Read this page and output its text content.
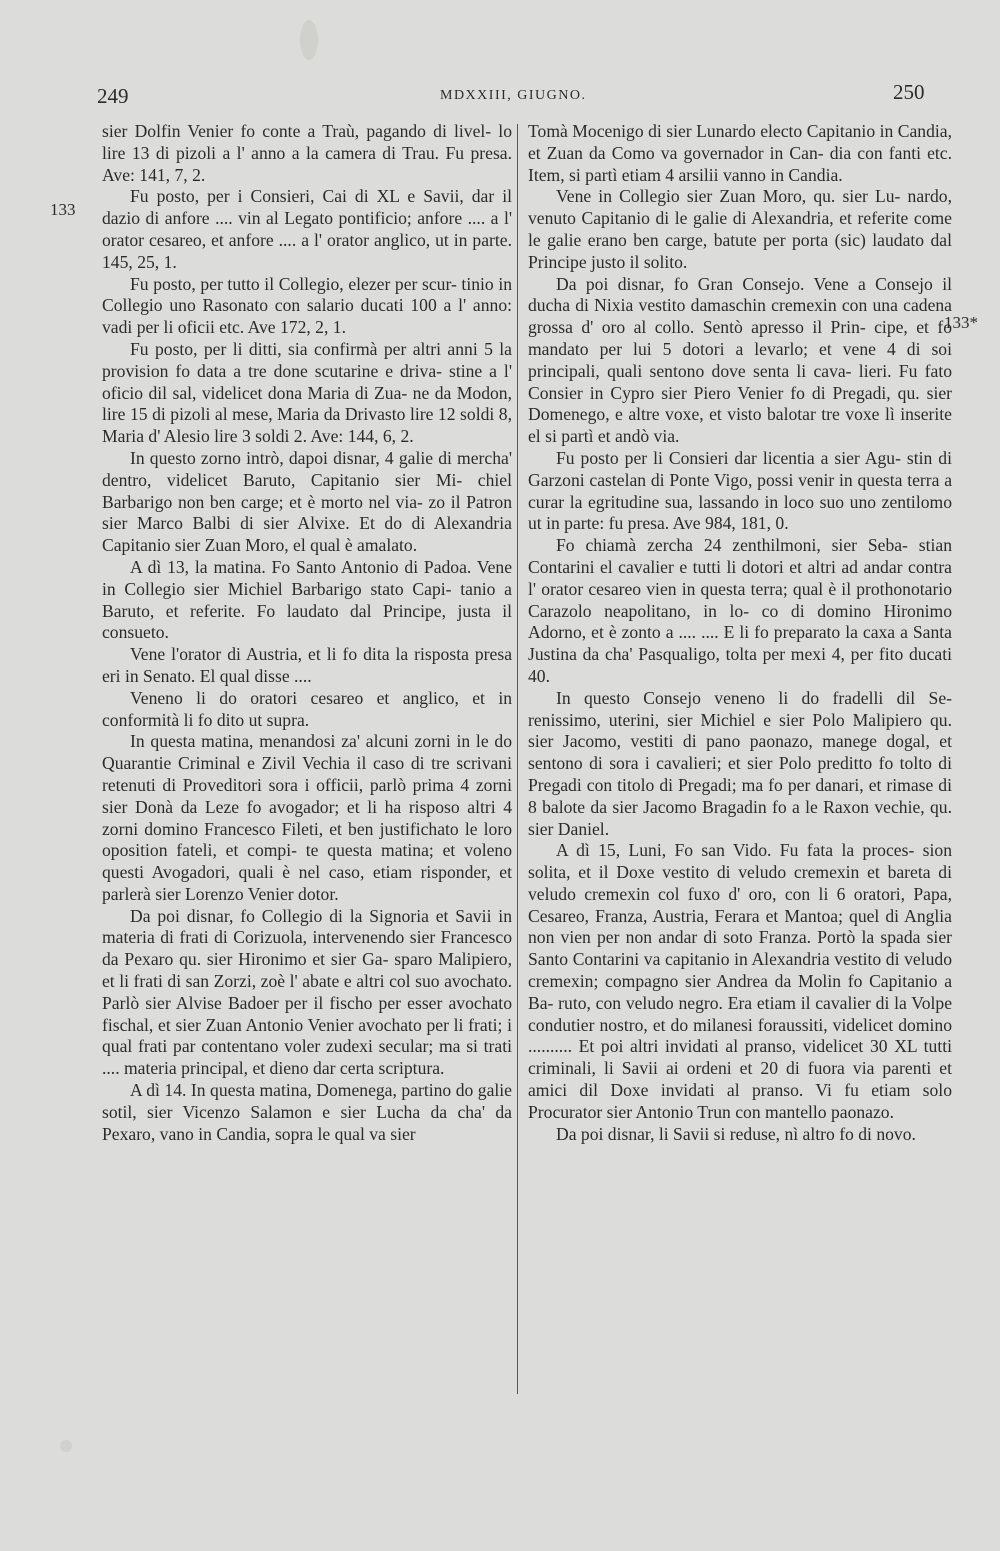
249	MDXXIII, GIUGNO.	250
133
133*

sier Dolfin Venier fo conte a Traù, pagando di livel- lo lire 13 di pizoli a l' anno a la camera di Trau. Fu presa. Ave: 141, 7, 2.

Fu posto, per i Consieri, Cai di XL e Savii, dar il dazio di anfore .... vin al Legato pontificio; anfore .... a l' orator cesareo, et anfore .... a l' orator anglico, ut in parte. 145, 25, 1.

Fu posto, per tutto il Collegio, elezer per scur- tinio in Collegio uno Rasonato con salario ducati 100 a l' anno: vadi per li oficii etc. Ave 172, 2, 1.

Fu posto, per li ditti, sia confirmà per altri anni 5 la provision fo data a tre done scutarine e driva- stine a l' oficio dil sal, videlicet dona Maria di Zua- ne da Modon, lire 15 di pizoli al mese, Maria da Drivasto lire 12 soldi 8, Maria d' Alesio lire 3 soldi 2. Ave: 144, 6, 2.

In questo zorno intrò, dapoi disnar, 4 galie di mercha' dentro, videlicet Baruto, Capitanio sier Mi- chiel Barbarigo non ben carge; et è morto nel via- zo il Patron sier Marco Balbi di sier Alvixe. Et do di Alexandria Capitanio sier Zuan Moro, el qual è amalato.

A dì 13, la matina. Fo Santo Antonio di Padoa. Vene in Collegio sier Michiel Barbarigo stato Capi- tanio a Baruto, et referite. Fo laudato dal Principe, justa il consueto.

Vene l'orator di Austria, et li fo dita la risposta presa eri in Senato. El qual disse ....

Veneno li do oratori cesareo et anglico, et in conformità li fo dito ut supra.

In questa matina, menandosi za' alcuni zorni in le do Quarantie Criminal e Zivil Vechia il caso di tre scrivani retenuti di Proveditori sora i officii, parlò prima 4 zorni sier Donà da Leze fo avogador; et li ha risposo altri 4 zorni domino Francesco Fileti, et ben justifichato le loro oposition fateli, et compi- te questa matina; et voleno questi Avogadori, quali è nel caso, etiam risponder, et parlerà sier Lorenzo Venier dotor.

Da poi disnar, fo Collegio di la Signoria et Savii in materia di frati di Corizuola, intervenendo sier Francesco da Pexaro qu. sier Hironimo et sier Ga- sparo Malipiero, et li frati di san Zorzi, zoè l' abate e altri col suo avochato. Parlò sier Alvise Badoer per il fischo per esser avochato fischal, et sier Zuan Antonio Venier avochato per li frati; i qual frati par contentano voler zudexi secular; ma si trati .... materia principal, et dieno dar certa scriptura.

A dì 14. In questa matina, Domenega, partino do galie sotil, sier Vicenzo Salamon e sier Lucha da cha' da Pexaro, vano in Candia, sopra le qual va sier

Tomà Mocenigo di sier Lunardo electo Capitanio in Candia, et Zuan da Como va governador in Can- dia con fanti etc. Item, si partì etiam 4 arsilii vanno in Candia.

Vene in Collegio sier Zuan Moro, qu. sier Lu- nardo, venuto Capitanio di le galie di Alexandria, et referite come le galie erano ben carge, batute per porta (sic) laudato dal Principe justo il solito.

Da poi disnar, fo Gran Consejo. Vene a Consejo il ducha di Nixia vestito damaschin cremexin con una cadena grossa d' oro al collo. Sentò apresso il Prin- cipe, et fo mandato per lui 5 dotori a levarlo; et vene 4 di soi principali, quali sentono dove senta li cava- lieri. Fu fato Consier in Cypro sier Piero Venier fo di Pregadi, qu. sier Domenego, e altre voxe, et visto balotar tre voxe lì inserite el si partì et andò via.

Fu posto per li Consieri dar licentia a sier Agu- stin di Garzoni castelan di Ponte Vigo, possi venir in questa terra a curar la egritudine sua, lassando in loco suo uno zentilomo ut in parte: fu presa. Ave 984, 181, 0.

Fo chiamà zercha 24 zenthilmoni, sier Seba- stian Contarini el cavalier e tutti li dotori et altri ad andar contra l' orator cesareo vien in questa terra; qual è il prothonotario Carazolo neapolitano, in lo- co di domino Hironimo Adorno, et è zonto a .... .... E li fo preparato la caxa a Santa Justina da cha' Pasqualigo, tolta per mexi 4, per fito ducati 40.

In questo Consejo veneno li do fradelli dil Se- renissimo, uterini, sier Michiel e sier Polo Malipiero qu. sier Jacomo, vestiti di pano paonazo, manege dogal, et sentono di sora i cavalieri; et sier Polo preditto fo tolto di Pregadi con titolo di Pregadi; ma fo per danari, et rimase di 8 balote da sier Jacomo Bragadin fo a le Raxon vechie, qu. sier Daniel.

A dì 15, Luni, Fo san Vido. Fu fata la proces- sion solita, et il Doxe vestito di veludo cremexin et bareta di veludo cremexin col fuxo d' oro, con li 6 oratori, Papa, Cesareo, Franza, Austria, Ferara et Mantoa; quel di Anglia non vien per non andar di soto Franza. Portò la spada sier Santo Contarini va capitanio in Alexandria vestito di veludo cremexin; compagno sier Andrea da Molin fo Capitanio a Ba- ruto, con veludo negro. Era etiam il cavalier di la Volpe condutier nostro, et do milanesi foraussiti, videlicet domino .......... Et poi altri invidati al pranso, videlicet 30 XL tutti criminali, li Savii ai ordeni et 20 di fuora via parenti et amici dil Doxe invidati al pranso. Vi fu etiam solo Procurator sier Antonio Trun con mantello paonazo.

Da poi disnar, li Savii si reduse, nì altro fo di novo.
